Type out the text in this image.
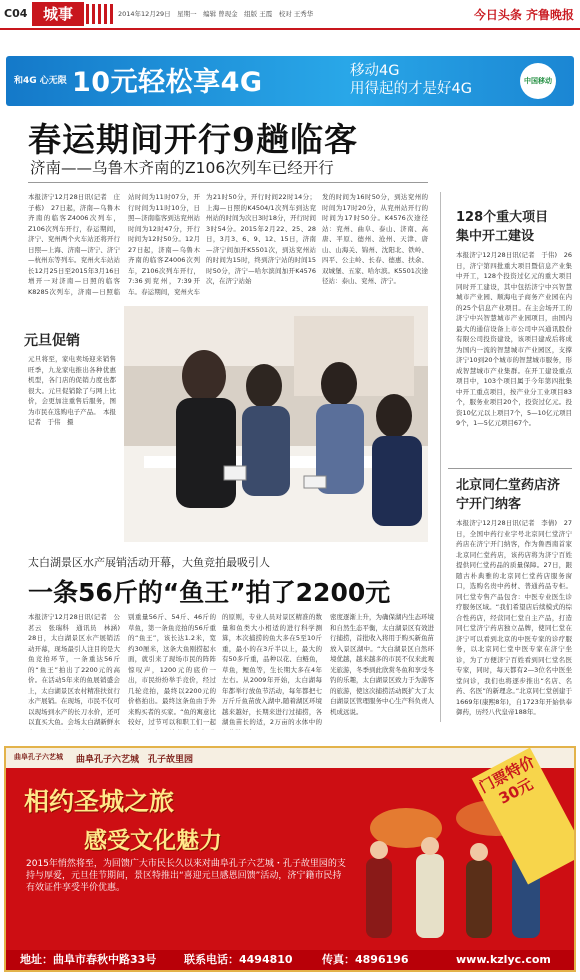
C04	城事	2014年12月29日　星期一　编辑 曾现金　组版 王霞　校对 王秀华	今日头条 齐鲁晚报
和4G 心无限 10元轻松享4G	移动4G
用得起的才是好4G	中国移动
春运期间开行9趟临客
济南——乌鲁木齐南的Z106次列车已经开行
本报济宁12月28日讯(记者　庄子栋)　27日起，济南—乌鲁木齐南的临客Z4006次列车，Z106次列车开行，春运期间，济宁、兖州两个火车站还将开行日照—上海、济南—济宁、济宁—杭州东等列车。兖州火车站站长12月25日至2015年3月16日增开一对济南—日照的临客K8285次列车，济南—日照临
站时间为11时07分，开行时间为11时10分，日照—济南临客到达兖州站时间为12时47分，开行时间为12时50分。12月27日起，济南—乌鲁木齐南的临客Z4006次列车，Z106次列车开行，7:36到兖州，7:39开车。春运期间，兖州火车
为21时50分，开行时间22时14分；上海—日照的K4504/1次列车到达兖州站的时间为次日3时18分，开行时间3时54分。2015年2月22、25、28日，3月3、6、9、12、15日，济南—济宁间加开K5501次，到达兖州站的时间为15时，终到济宁站的时间15时50分，济宁—哈尔滨间加开K4576次，在济宁站始
发的时间为16时50分，到达兖州的时间为17时20分，从兖州站开行的时间为17时50分。K4576次途径站：兖州、曲阜、泰山、济南、高唐、平原、德州、沧州、天津、唐山、山海关、锦州、沈阳北、铁岭、四平、公主岭、长春、德惠、扶余、双城堡、五家、哈尔滨。K5501次途径站：泰山、兖州、济宁。
元旦促销
元旦将至，家电卖场迎来销售旺季，九龙家电推出各种优惠机型，各门店的促销力度也都很大。元旦促销除了与网上比价，会更加注重售后服务，图为市民在选购电子产品。　本报记者　于伟　摄
太白湖景区水产展销活动开幕，大鱼竞拍最吸引人
一条56斤的“鱼王”拍了2200元
本报济宁12月28日讯(记者　公茗云　张瑞科　通讯员　林涵)　28日，太白湖景区水产展销活动开幕，现场最引人注目的是大鱼竞拍环节，一条重达56斤的“鱼王”拍出了2200元的高价。在活动5年来的鱼展销盛会上，太白湖景区农村精准扶贫行水产展销。在现场，市民不仅可以现场到水产的长刀水价，还可以直买大鱼。会场太白湖新鲜水
别重量56斤、54斤、46斤的草鱼，第一条鱼竞拍的56斤重的“鱼王”，该长达1.2米，宽约30厘米，这条大鱼刚捞起水面，就引来了现场市民的阵阵惊叹声，1200元的底价一出，市民纷纷举手竞价，经过几轮竞拍，最终以2200元的价格拍出。最终这条鱼由于外来购买者的买家。“鱼的寓意比较好，过节可以和职工们一起
的原则，专业人员对景区精准的数量和鱼类大小相适的进行科学测算，本次捕捞的鱼大多在5至10斤重，最小的在3斤半以上，最大的有50多斤重，品种以花、白鲢鱼，草鱼，鲤鱼等，生长期大多在4年左右。从2009年开始，太白湖每年都举行放鱼节活动，每年都把七万斤斤鱼苗放入湖中,随着湖区环境越来越好，长期来进行过捕捞，各湖鱼苗长的适，2万亩的水体中的
密度逐渐上升，为确保湖内生态环境和自然生态平衡，太白湖景区有效进行捕捞，首批收入将用于购买新鱼苗放入景区湖中。“大白湖景区自然环境优越，越来越多的市民不仅来此观光旅游，冬季到此欣赏冬鱼和享受冬钓的乐趣，太白湖景区致力于为游客的旅游，使这次捕捞活动既扩大了太白湖景区管理服务中心生产科负责人机成远说。
128个重大项目集中开工建设
本报济宁12月28日讯(记者　于伟)　26日，济宁第四批重大项目暨信息产业集中开工，128个投资过亿元的重大项目同时开工建设，其中包括济宁中兴智慧城市产业园、顺海电子商务产业园在内的25个信息产业项目。在主会场开工的济宁中兴智慧城市产业园项目，由国内最大的通信设备上市公司中兴通讯股份有限公司投资建设，该项目建成后将成为国内一流的智慧城市产业园区，支撑济宁10到20个城市的智慧城市服务，形成智慧城市产业集群。在开工建设重点项目中，103个项目属于今年第四批集中开工重点项目，按产业分工业项目83个，服务业项目20个，投资过亿元。投资10亿元以上项目7个，5—10亿元项目9个，1—5亿元项目67个。
北京同仁堂药店济宁开门纳客
本报济宁12月28日讯(记者　李倩)　27日，全国中药行业字号北京同仁堂济宁药店在济宁开门纳客，作为鲁西南首家北京同仁堂药店，该药店将为济宁百姓提供同仁堂药品的质量保障。27日，跟随古朴典雅的北京同仁堂药店服务窗口，选购名贵中药材、普通药品专柜。同仁堂专售产品包含：中医专业医生诊疗服务区域。“我们希望店后续模式的综合性药店，经营同仁堂自主产品，打造同仁堂济宁药店独立品牌，使同仁堂在济宁可以看到北京的中医专家的诊疗服务，以北京同仁堂中医专家在济宁坐诊，为了方便济宁百姓看到同仁堂名医专家，同时，每天都有2—3位名中医坐堂问诊，我们也将逐步推出“名店、名药、名医”的新理念。”北京同仁堂创建于1669年(康熙8年)，自1723年开始供奉御药，历经八代皇帝188年。
曲阜孔子六艺城 曲阜孔子六艺城　孔子故里园
相约圣城之旅
感受文化魅力
2015年悄然将至，为回馈广大市民长久以来对曲阜孔子六艺城・孔子故里园的支持与厚爱，元旦佳节期间，景区特推出“喜迎元旦感恩回馈”活动，济宁籍市民持有效证件享受半价优惠。
门票特价30元
地址：曲阜市春秋中路33号	联系电话：4494810	传真：4896196	www.kzlyc.com
